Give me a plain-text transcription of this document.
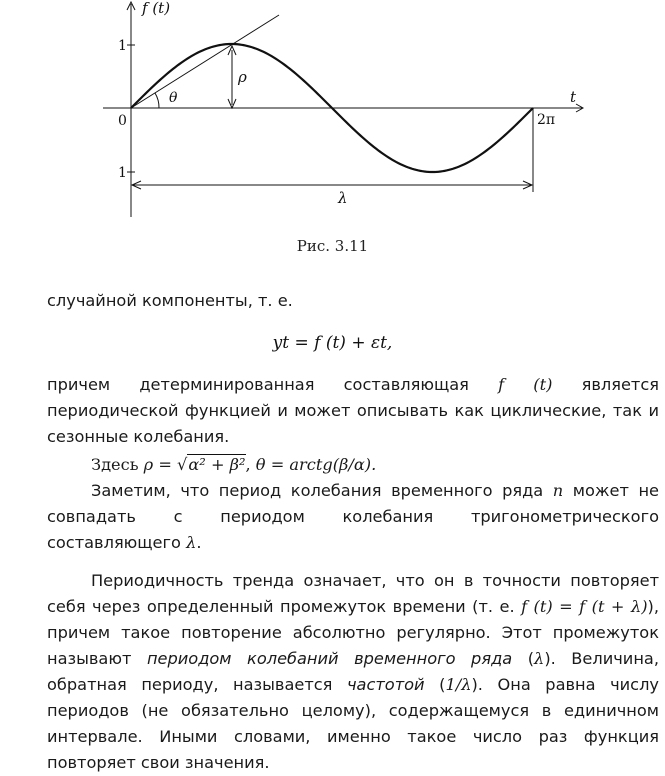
f (t)
t
0
1
1
2π
ρ
θ
λ
Рис. 3.11

случайной компоненты, т. е.

yt = f (t) + εt,

причем детерминированная составляющая f (t) является периодической функцией и может описывать как циклические, так и сезонные колебания.

Здесь ρ = √α² + β², θ = arctg(β/α).

Заметим, что период колебания временного ряда n может не совпадать с периодом колебания тригонометрического составляющего λ.

Периодичность тренда означает, что он в точности повторяет себя через определенный промежуток времени (т. е. f (t) = f (t + λ)), причем такое повторение абсолютно регулярно. Этот промежуток называют периодом колебаний временного ряда (λ). Величина, обратная периоду, называется частотой (1/λ). Она равна числу периодов (не обязательно целому), содержащемуся в единичном интервале. Иными словами, именно такое число раз функция повторяет свои значения.
